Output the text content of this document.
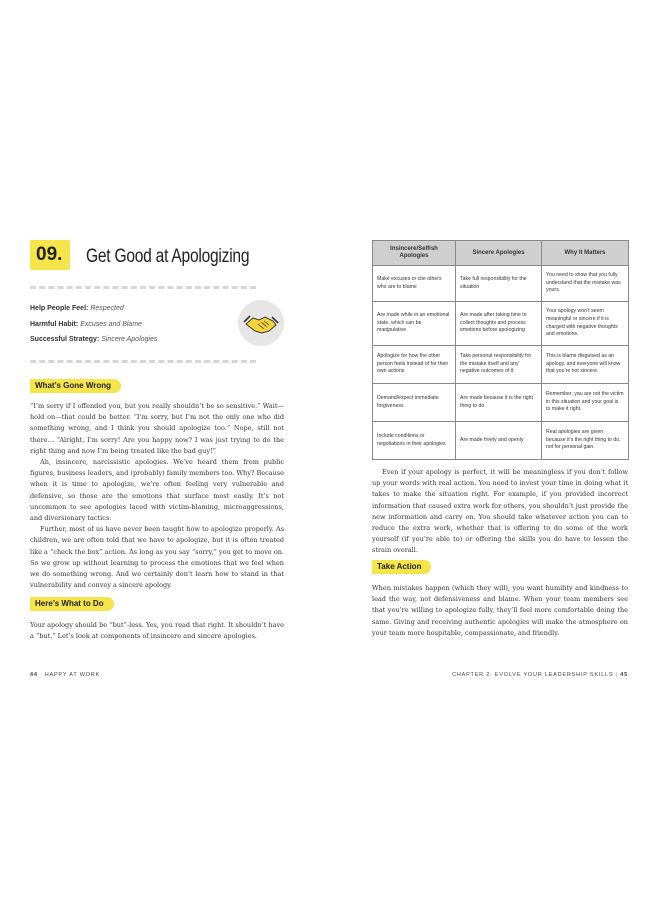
09.	Get Good at Apologizing
Help People Feel: Respected
Harmful Habit: Excuses and Blame
Successful Strategy: Sincere Apologies
What’s Gone Wrong

“I’m sorry if I offended you, but you really shouldn’t be so sensitive.” Wait—hold on—that could be better. “I’m sorry, but I’m not the only one who did something wrong, and I think you should apologize too.” Nope, still not there… “Alright, I’m sorry! Are you happy now? I was just trying to do the right thing and now I’m being treated like the bad guy!”

Ah, insincere, narcissistic apologies. We’ve heard them from public figures, business leaders, and (probably) family members too. Why? Because when it is time to apologize, we’re often feeling very vulnerable and defensive, so those are the emotions that surface most easily. It’s not uncommon to see apologies laced with victim-blaming, microaggressions, and diversionary tactics.

Further, most of us have never been taught how to apologize properly. As children, we are often told that we have to apologize, but it is often treated like a “check the box” action. As long as you say “sorry,” you get to move on. So we grow up without learning to process the emotions that we feel when we do something wrong. And we certainly don’t learn how to stand in that vulnerability and convey a sincere apology.

Here’s What to Do

Your apology should be “but”-less. Yes, you read that right. It shouldn’t have a “but.” Let’s look at components of insincere and sincere apologies.

44 HAPPY AT WORK
Insincere/Selfish Apologies	Sincere Apologies	Why It Matters
Make excuses or cite others who are to blame	Take full responsibility for the situation	You need to show that you fully understand that the mistake was yours.
Are made while in an emotional state, which can be manipulative	Are made after taking time to collect thoughts and process emotions before apologizing	Your apology won’t seem meaningful or sincere if it is charged with negative thoughts and emotions.
Apologize for how the other person feels instead of for their own actions	Take personal responsibility for the mistake itself and any negative outcomes of it	This is blame disguised as an apology, and everyone will know that you’re not sincere.
Demand/expect immediate forgiveness	Are made because it is the right thing to do	Remember, you are not the victim in this situation and your goal is to make it right.
Include conditions or negotiations in their apologies	Are made freely and openly	Real apologies are given because it’s the right thing to do, not for personal gain.

Even if your apology is perfect, it will be meaningless if you don’t follow up your words with real action. You need to invest your time in doing what it takes to make the situation right. For example, if you provided incorrect information that caused extra work for others, you shouldn’t just provide the new information and carry on. You should take whatever action you can to reduce the extra work, whether that is offering to do some of the work yourself (if you’re able to) or offering the skills you do have to lessen the strain overall.

Take Action

When mistakes happen (which they will), you want humility and kindness to lead the way, not defensiveness and blame. When your team members see that you’re willing to apologize fully, they’ll feel more comfortable doing the same. Giving and receiving authentic apologies will make the atmosphere on your team more hospitable, compassionate, and friendly.

CHAPTER 2: EVOLVE YOUR LEADERSHIP SKILLS | 45
